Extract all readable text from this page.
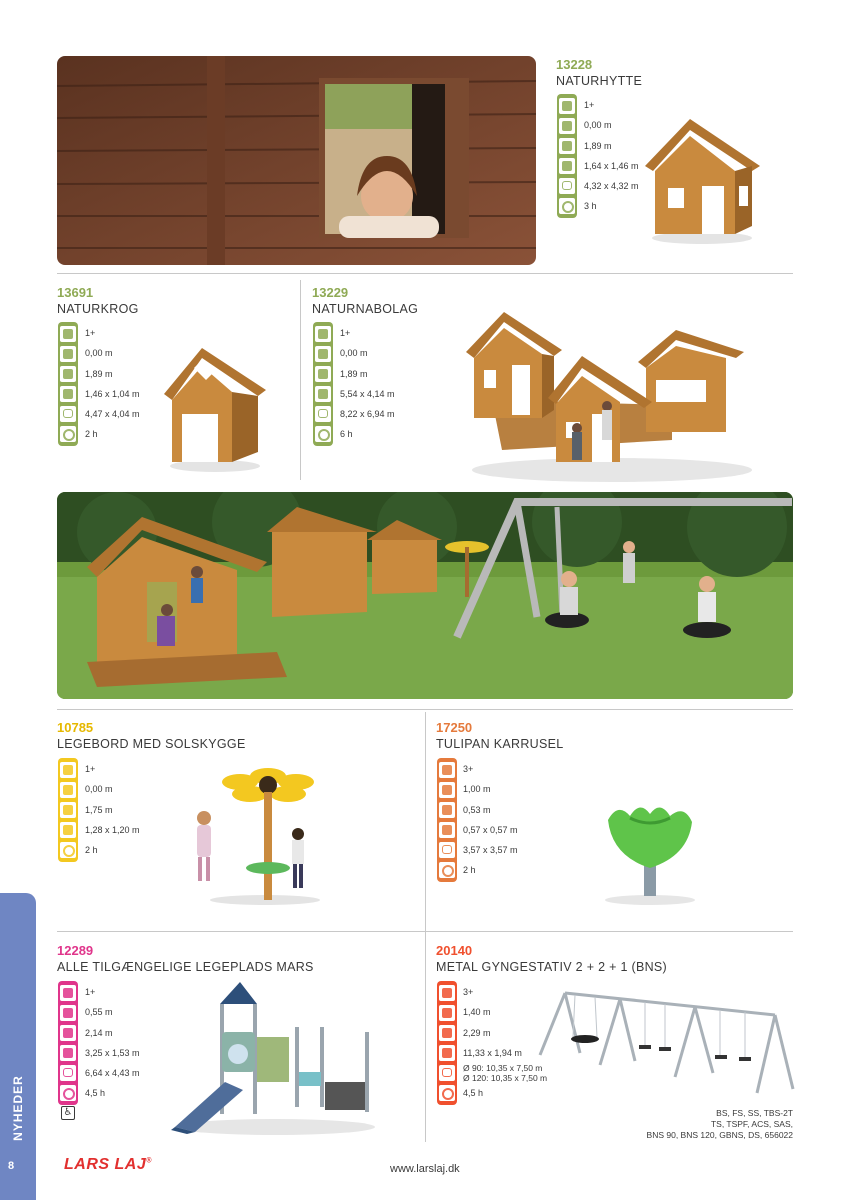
13228
NATURHYTTE
1+
0,00 m
1,89 m
1,64 x 1,46 m
4,32 x 4,32 m
3 h
13691
NATURKROG
1+
0,00 m
1,89 m
1,46 x 1,04 m
4,47 x 4,04 m
2 h
13229
NATURNABOLAG
1+
0,00 m
1,89 m
5,54 x 4,14 m
8,22 x 6,94 m
6 h
10785
LEGEBORD MED SOLSKYGGE
1+
0,00 m
1,75 m
1,28 x 1,20 m
2 h
17250
TULIPAN KARRUSEL
3+
1,00 m
0,53 m
0,57 x 0,57 m
3,57 x 3,57 m
2 h
12289
ALLE TILGÆNGELIGE LEGEPLADS MARS
1+
0,55 m
2,14 m
3,25 x 1,53 m
6,64 x 4,43 m
4,5 h
♿
20140
METAL GYNGESTATIV 2 + 2 + 1 (BNS)
3+
1,40 m
2,29 m
11,33 x 1,94 m
Ø 90: 10,35 x 7,50 m
Ø 120: 10,35 x 7,50 m
4,5 h
BS, FS, SS, TBS-2T
TS, TSPF, ACS, SAS,
BNS 90, BNS 120, GBNS, DS, 656022
NYHEDER
8	LARS LAJ®
www.larslaj.dk
